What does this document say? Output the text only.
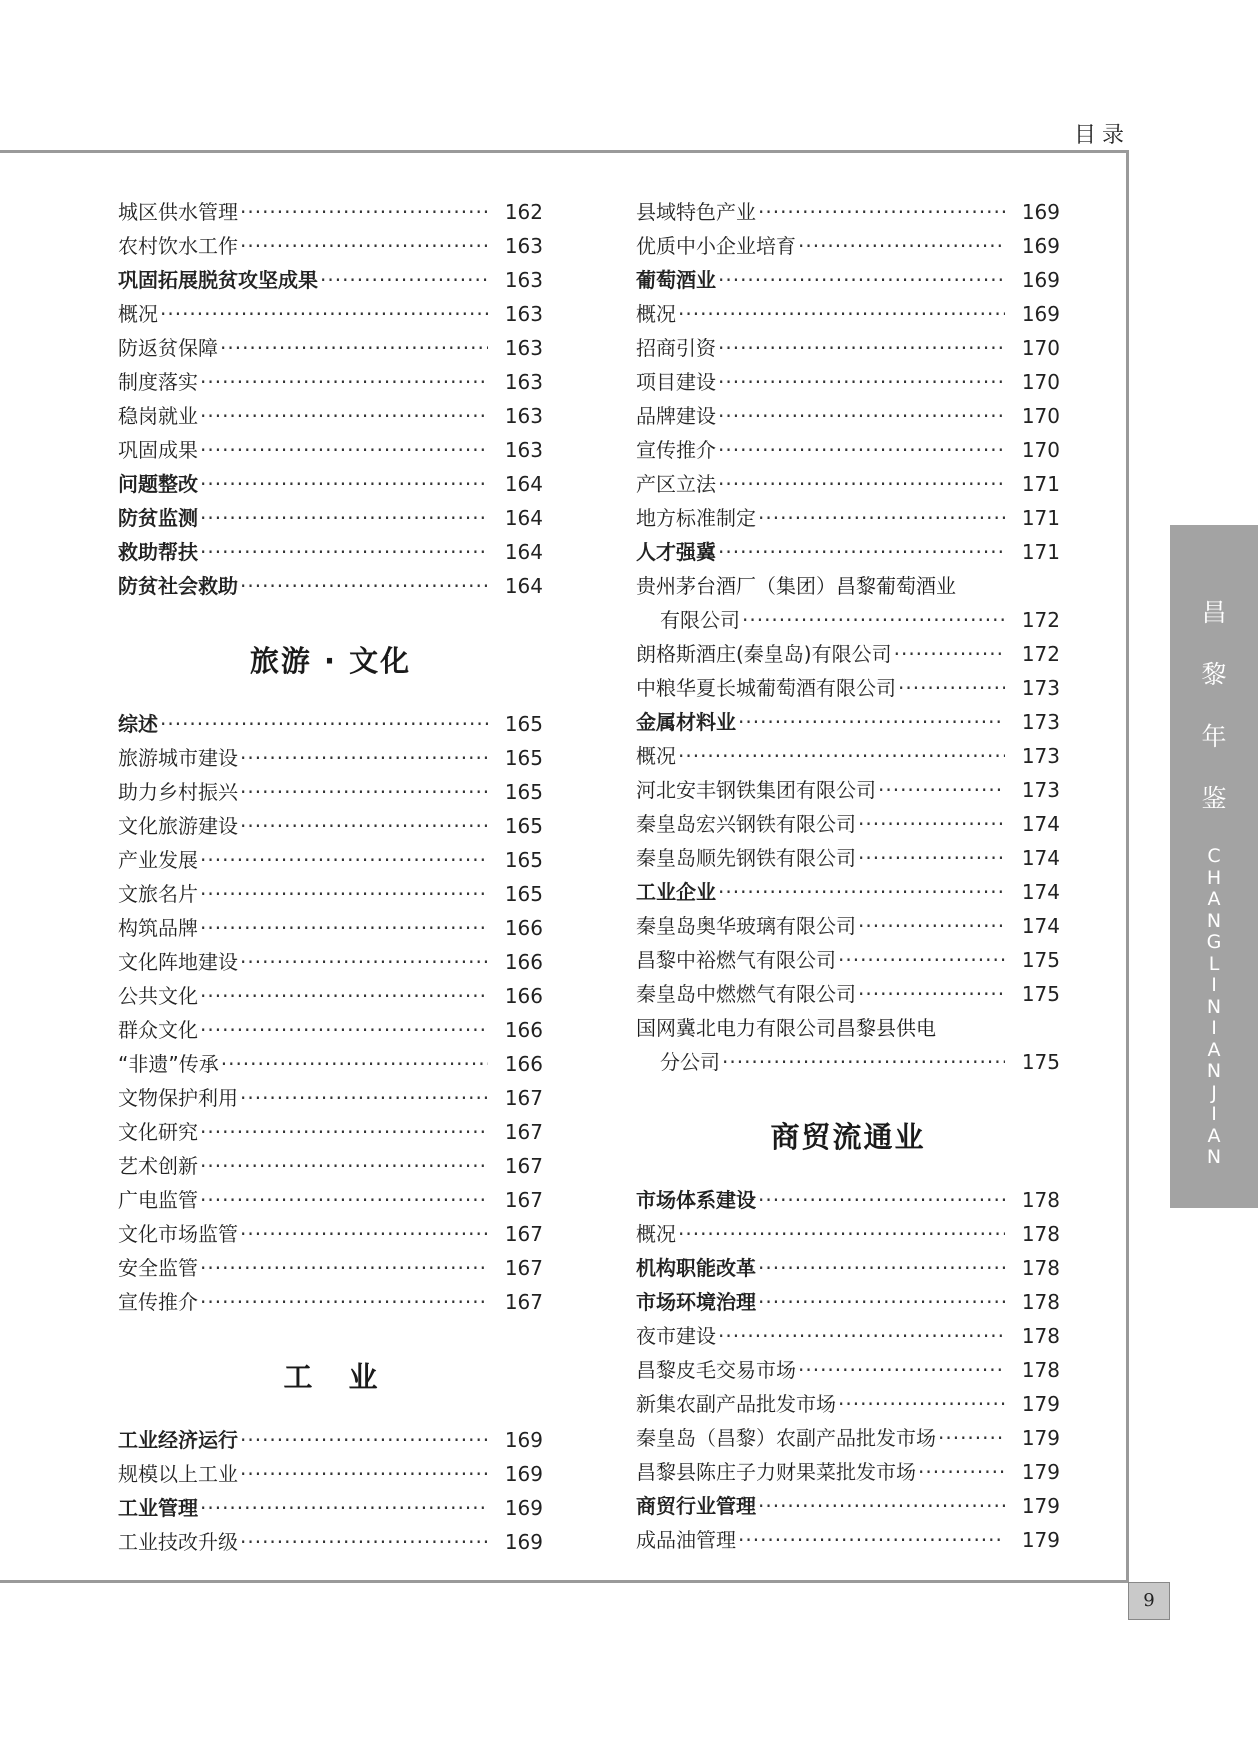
目录
昌
黎
年
鉴
C
H
A
N
G
L
I
N
I
A
N
J
I
A
N
9
城区供水管理 ·····	162
农村饮水工作 ·····	163
巩固拓展脱贫攻坚成果 ·····	163
概况 ·····	163
防返贫保障 ·····	163
制度落实 ·····	163
稳岗就业 ·····	163
巩固成果 ·····	163
问题整改 ·····	164
防贫监测 ·····	164
救助帮扶 ·····	164
防贫社会救助 ·····	164
旅游 · 文化
综述 ·····	165
旅游城市建设 ·····	165
助力乡村振兴 ·····	165
文化旅游建设 ·····	165
产业发展 ·····	165
文旅名片 ·····	165
构筑品牌 ·····	166
文化阵地建设 ·····	166
公共文化 ·····	166
群众文化 ·····	166
“非遗”传承 ·····	166
文物保护利用 ·····	167
文化研究 ·····	167
艺术创新 ·····	167
广电监管 ·····	167
文化市场监管 ·····	167
安全监管 ·····	167
宣传推介 ·····	167
工业
工业经济运行 ·····	169
规模以上工业 ·····	169
工业管理 ·····	169
工业技改升级 ·····	169
县域特色产业 ·····	169
优质中小企业培育 ·····	169
葡萄酒业 ·····	169
概况 ·····	169
招商引资 ·····	170
项目建设 ·····	170
品牌建设 ·····	170
宣传推介 ·····	170
产区立法 ·····	171
地方标准制定 ·····	171
人才强冀 ·····	171
贵州茅台酒厂（集团）昌黎葡萄酒业
有限公司 ·····	172
朗格斯酒庄(秦皇岛)有限公司 ·····	172
中粮华夏长城葡萄酒有限公司 ·····	173
金属材料业 ·····	173
概况 ·····	173
河北安丰钢铁集团有限公司 ·····	173
秦皇岛宏兴钢铁有限公司 ·····	174
秦皇岛顺先钢铁有限公司 ·····	174
工业企业 ·····	174
秦皇岛奥华玻璃有限公司 ·····	174
昌黎中裕燃气有限公司 ·····	175
秦皇岛中燃燃气有限公司 ·····	175
国网冀北电力有限公司昌黎县供电
分公司 ·····	175
商贸流通业
市场体系建设 ·····	178
概况 ·····	178
机构职能改革 ·····	178
市场环境治理 ·····	178
夜市建设 ·····	178
昌黎皮毛交易市场 ·····	178
新集农副产品批发市场 ·····	179
秦皇岛（昌黎）农副产品批发市场 ·····	179
昌黎县陈庄子力财果菜批发市场 ·····	179
商贸行业管理 ·····	179
成品油管理 ·····	179
